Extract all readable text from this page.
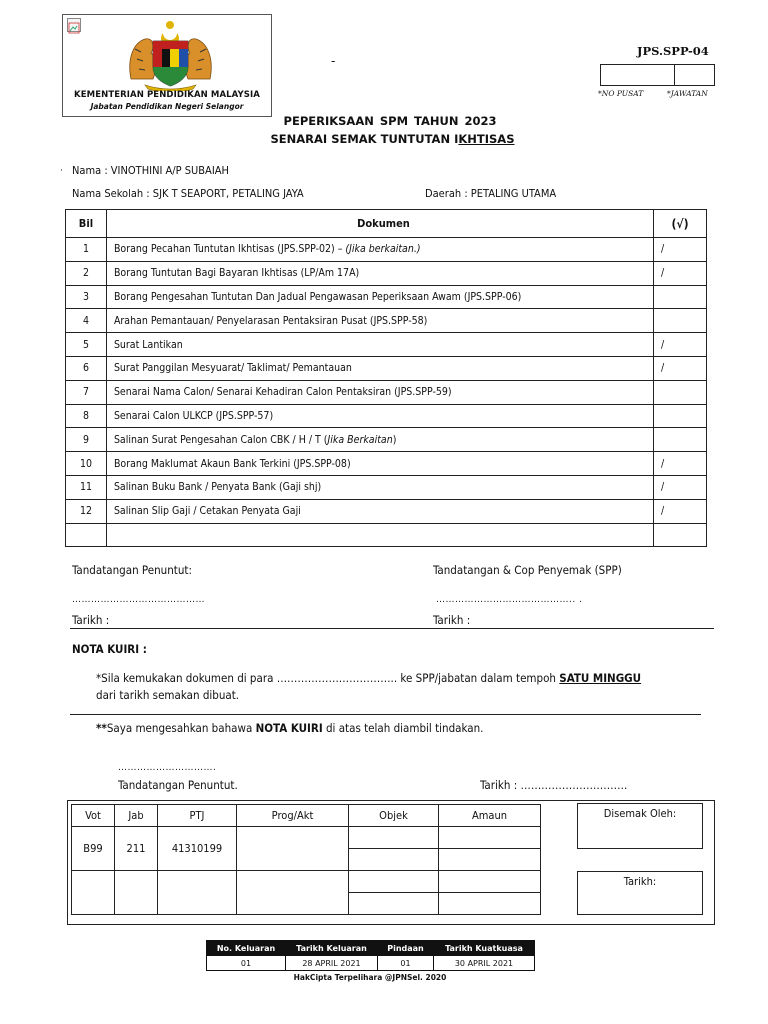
KEMENTERIAN PENDIDIKAN MALAYSIA
Jabatan Pendidikan Negeri Selangor
-
JPS.SPP-04
*NO PUSAT	*JAWATAN
PEPERIKSAAN SPM TAHUN 2023
SENARAI SEMAK TUNTUTAN IKHTISAS
· Nama : VINOTHINI A/P SUBAIAH
Nama Sekolah : SJK T SEAPORT, PETALING JAYA	Daerah : PETALING UTAMA
Bil	Dokumen	(√)
1	Borang Pecahan Tuntutan Ikhtisas (JPS.SPP-02) – (Jika berkaitan.)	/
2	Borang Tuntutan Bagi Bayaran Ikhtisas (LP/Am 17A)	/
3	Borang Pengesahan Tuntutan Dan Jadual Pengawasan Peperiksaan Awam (JPS.SPP-06)	
4	Arahan Pemantauan/ Penyelarasan Pentaksiran Pusat (JPS.SPP-58)	
5	Surat Lantikan	/
6	Surat Panggilan Mesyuarat/ Taklimat/ Pemantauan	/
7	Senarai Nama Calon/ Senarai Kehadiran Calon Pentaksiran (JPS.SPP-59)	
8	Senarai Calon ULKCP (JPS.SPP-57)	
9	Salinan Surat Pengesahan Calon CBK / H / T (Jika Berkaitan)	
10	Borang Maklumat Akaun Bank Terkini (JPS.SPP-08)	/
11	Salinan Buku Bank / Penyata Bank (Gaji shj)	/
12	Salinan Slip Gaji / Cetakan Penyata Gaji	/

Tandatangan Penuntut:	Tandatangan & Cop Penyemak (SPP)
……………………………………	…………………………………….. .
Tarikh :	Tarikh :
NOTA KUIRI :
*Sila kemukakan dokumen di para …………………………….. ke SPP/jabatan dalam tempoh SATU MINGGU
dari tarikh semakan dibuat.
**Saya mengesahkan bahawa NOTA KUIRI di atas telah diambil tindakan.
………………………….
Tandatangan Penuntut.	Tarikh : ………………………….
Vot	Jab	PTJ	Prog/Akt	Objek	Amaun
B99	211	41310199			

Disemak Oleh:
Tarikh:
No. Keluaran	Tarikh Keluaran	Pindaan	Tarikh Kuatkuasa
01	28 APRIL 2021	01	30 APRIL 2021
HakCipta Terpelihara @JPNSel. 2020
